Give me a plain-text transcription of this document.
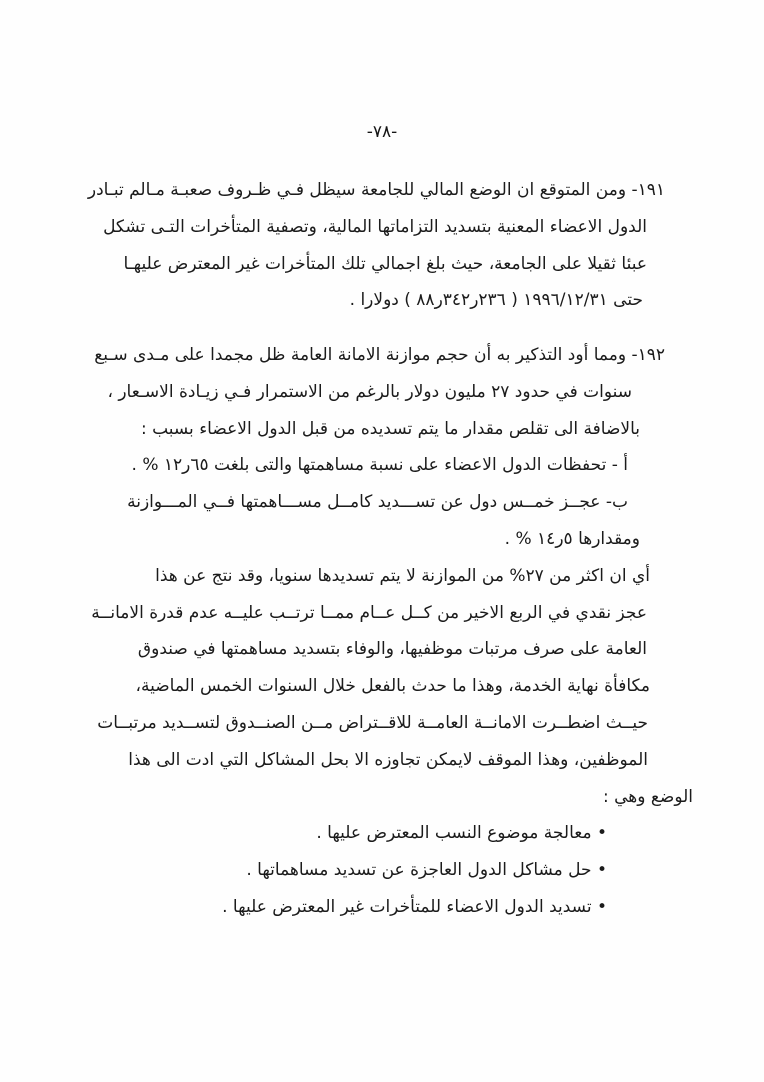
-٧٨-
١٩١- ومن المتوقع ان الوضع المالي للجامعة سيظل فـي ظـروف صعبـة مـالم تبـادر
الدول الاعضاء المعنية بتسديد التزاماتها المالية، وتصفية المتأخرات التـى تشكل
عبئا ثقيلا على الجامعة، حيث بلغ اجمالي تلك المتأخرات غير المعترض عليهـا
حتى ١٩٩٦/١٢/٣١ ( ٢٣٦ر٣٤٢ر٨٨ ) دولارا .
١٩٢- ومما أود التذكير به أن حجم موازنة الامانة العامة ظل مجمدا على مـدى سـبع
سنوات في حدود ٢٧ مليون دولار بالرغم من الاستمرار فـي زيـادة الاسـعار ،
بالاضافة الى تقلص مقدار ما يتم تسديده من قبل الدول الاعضاء بسبب :
أ - تحفظات الدول الاعضاء على نسبة مساهمتها والتى بلغت ٦٥ر١٢ % .
ب- عجــز خمــس دول عن تســـديد كامــل مســـاهمتها فــي المـــوازنة
ومقدارها ٥ر١٤ % .
أي ان اكثر من ٢٧% من الموازنة لا يتم تسديدها سنويا، وقد نتج عن هذا
عجز نقدي في الربع الاخير من كــل عــام ممــا ترتــب عليــه عدم قدرة الامانــة
العامة على صرف مرتبات موظفيها، والوفاء بتسديد مساهمتها في صندوق
مكافأة نهاية الخدمة، وهذا ما حدث بالفعل خلال السنوات الخمس الماضية،
حيــث اضطــرت الامانــة العامــة للاقــتراض مــن الصنــدوق لتســديد مرتبــات
الموظفين، وهذا الموقف لايمكن تجاوزه الا بحل المشاكل التي ادت الى هذا
الوضع وهي :
• معالجة موضوع النسب المعترض عليها .
• حل مشاكل الدول العاجزة عن تسديد مساهماتها .
• تسديد الدول الاعضاء للمتأخرات غير المعترض عليها .
